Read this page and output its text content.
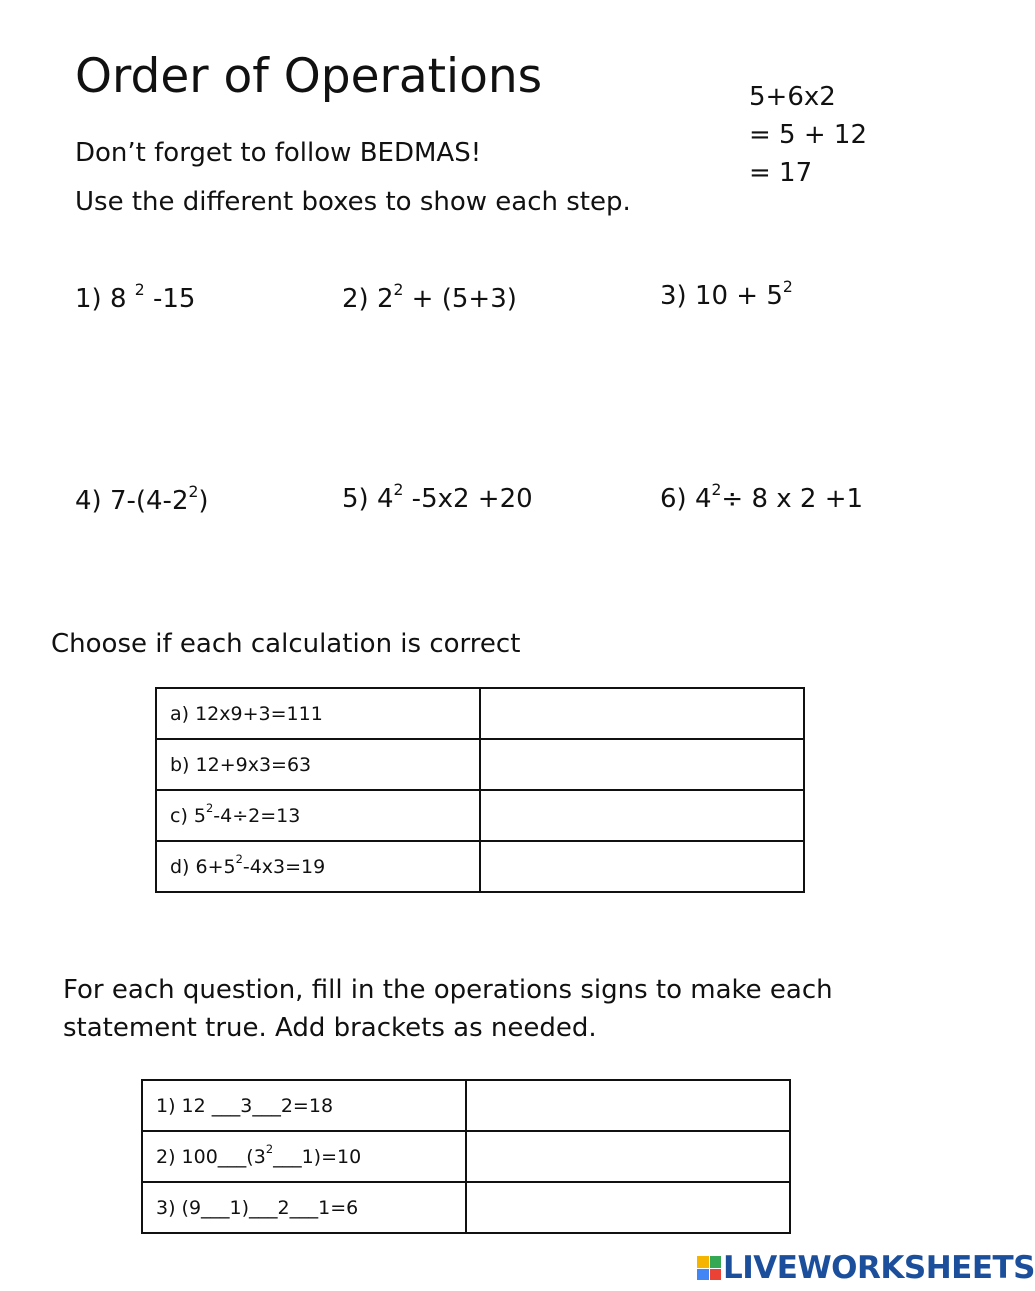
Order of Operations
Don’t forget to follow BEDMAS!
Use the different boxes to show each step.
5+6x2
= 5 + 12
= 17
1) 8 $^2$ -15	2) $2^2 + (5+3)$	3) $10 + 5^2$
4) $7-(4-2^2)$	5) $4^2$ -5x2 +20	6) $4^2\div 8$ x 2 +1
Choose if each calculation is correct
a) 12x9+3=111	
b) 12+9x3=63	
c) $5^2-4\div 2=13$	
d) $6+5^2-4x3=19$	
For each question, fill in the operations signs to make each
statement true. Add brackets as needed.
1) 12 ___3___2=18	
2) $100\_\_\_(3^2\_\_\_1)=10$	
3) (9___1)___2___1=6	
LIVEWORKSHEETS
